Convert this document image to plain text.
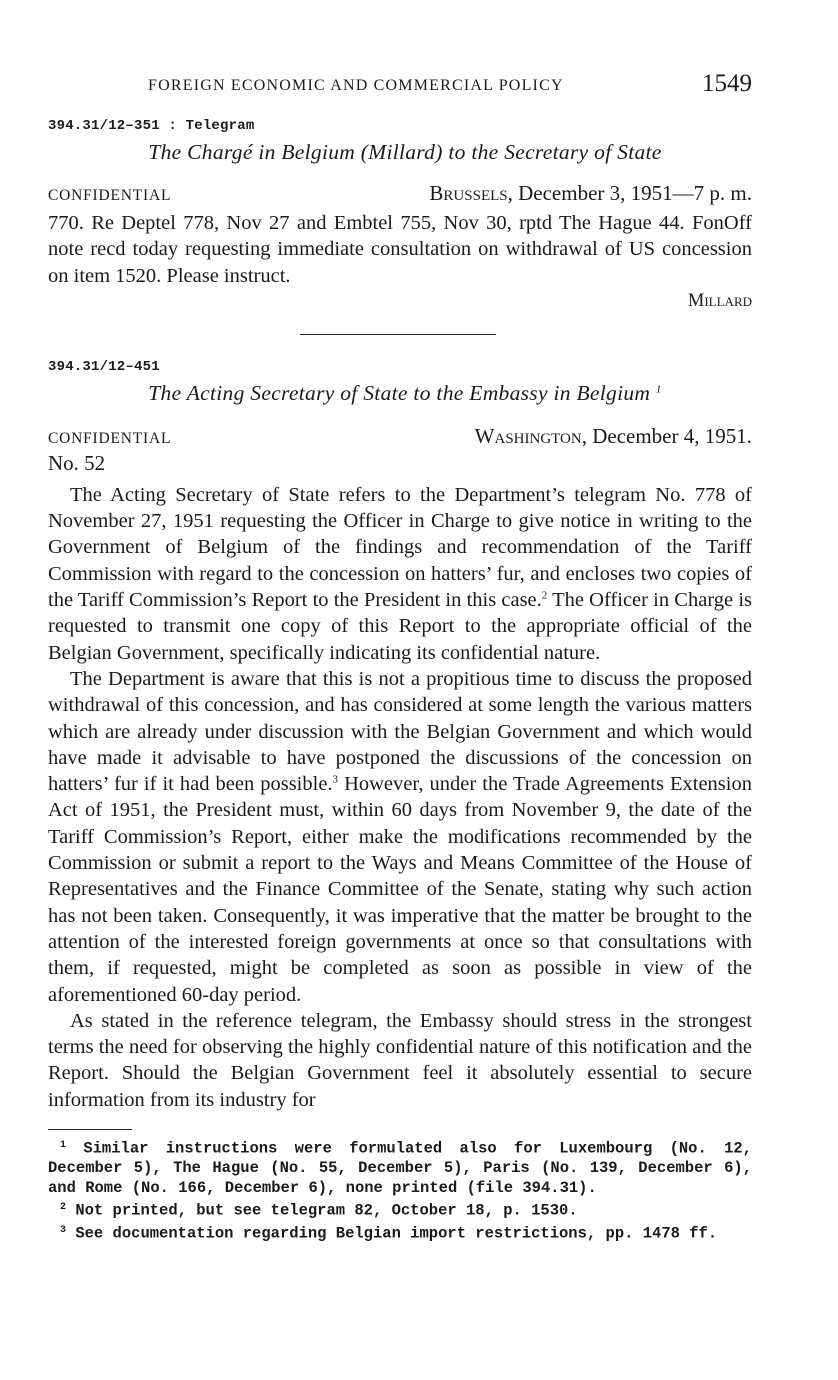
FOREIGN ECONOMIC AND COMMERCIAL POLICY	1549
394.31/12–351 : Telegram
The Chargé in Belgium (Millard) to the Secretary of State
CONFIDENTIAL	Brussels, December 3, 1951—7 p. m.
770. Re Deptel 778, Nov 27 and Embtel 755, Nov 30, rptd The Hague 44. FonOff note recd today requesting immediate consultation on withdrawal of US concession on item 1520. Please instruct.
Millard
394.31/12–451
The Acting Secretary of State to the Embassy in Belgium $^1$
CONFIDENTIAL	Washington, December 4, 1951.
No. 52

The Acting Secretary of State refers to the Department’s telegram No. 778 of November 27, 1951 requesting the Officer in Charge to give notice in writing to the Government of Belgium of the findings and recommendation of the Tariff Commission with regard to the concession on hatters’ fur, and encloses two copies of the Tariff Commission’s Report to the President in this case.$^2$ The Officer in Charge is requested to transmit one copy of this Report to the appropriate official of the Belgian Government, specifically indicating its confidential nature.

The Department is aware that this is not a propitious time to discuss the proposed withdrawal of this concession, and has considered at some length the various matters which are already under discussion with the Belgian Government and which would have made it advisable to have postponed the discussions of the concession on hatters’ fur if it had been possible.$^3$ However, under the Trade Agreements Extension Act of 1951, the President must, within 60 days from November 9, the date of the Tariff Commission’s Report, either make the modifications recommended by the Commission or submit a report to the Ways and Means Committee of the House of Representatives and the Finance Committee of the Senate, stating why such action has not been taken. Consequently, it was imperative that the matter be brought to the attention of the interested foreign governments at once so that consultations with them, if requested, might be completed as soon as possible in view of the aforementioned 60-day period.

As stated in the reference telegram, the Embassy should stress in the strongest terms the need for observing the highly confidential nature of this notification and the Report. Should the Belgian Government feel it absolutely essential to secure information from its industry for

$^1$ Similar instructions were formulated also for Luxembourg (No. 12, December 5), The Hague (No. 55, December 5), Paris (No. 139, December 6), and Rome (No. 166, December 6), none printed (file 394.31).

$^2$ Not printed, but see telegram 82, October 18, p. 1530.

$^3$ See documentation regarding Belgian import restrictions, pp. 1478 ff.
